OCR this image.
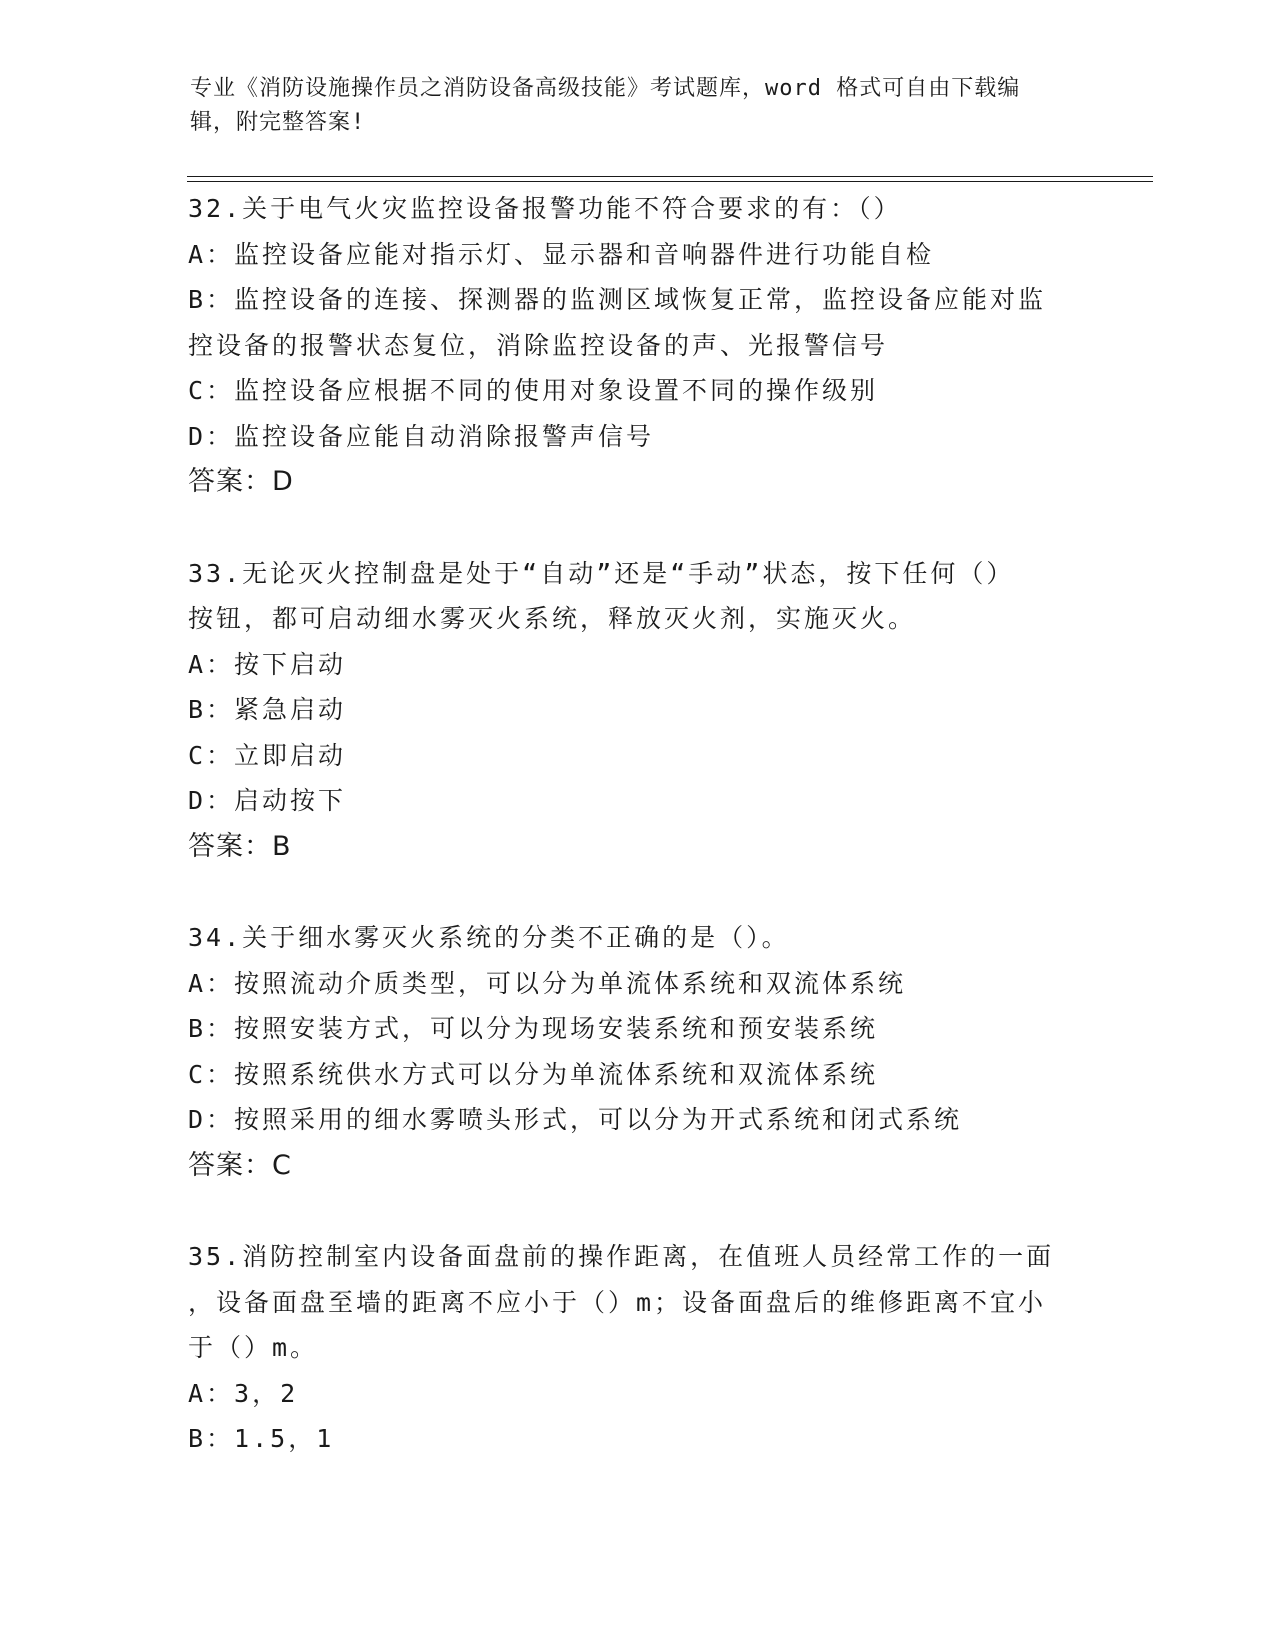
专业《消防设施操作员之消防设备高级技能》考试题库，word 格式可自由下载编
辑，附完整答案!
32.关于电气火灾监控设备报警功能不符合要求的有：（）
A：监控设备应能对指示灯、显示器和音响器件进行功能自检
B：监控设备的连接、探测器的监测区域恢复正常，监控设备应能对监
控设备的报警状态复位，消除监控设备的声、光报警信号
C：监控设备应根据不同的使用对象设置不同的操作级别
D：监控设备应能自动消除报警声信号
答案：D
33.无论灭火控制盘是处于“自动”还是“手动”状态，按下任何（）
按钮，都可启动细水雾灭火系统，释放灭火剂，实施灭火。
A：按下启动
B：紧急启动
C：立即启动
D：启动按下
答案：B
34.关于细水雾灭火系统的分类不正确的是（）。
A：按照流动介质类型，可以分为单流体系统和双流体系统
B：按照安装方式，可以分为现场安装系统和预安装系统
C：按照系统供水方式可以分为单流体系统和双流体系统
D：按照采用的细水雾喷头形式，可以分为开式系统和闭式系统
答案：C
35.消防控制室内设备面盘前的操作距离，在值班人员经常工作的一面
，设备面盘至墙的距离不应小于（）m；设备面盘后的维修距离不宜小
于（）m。
A：3，2
B：1.5，1
